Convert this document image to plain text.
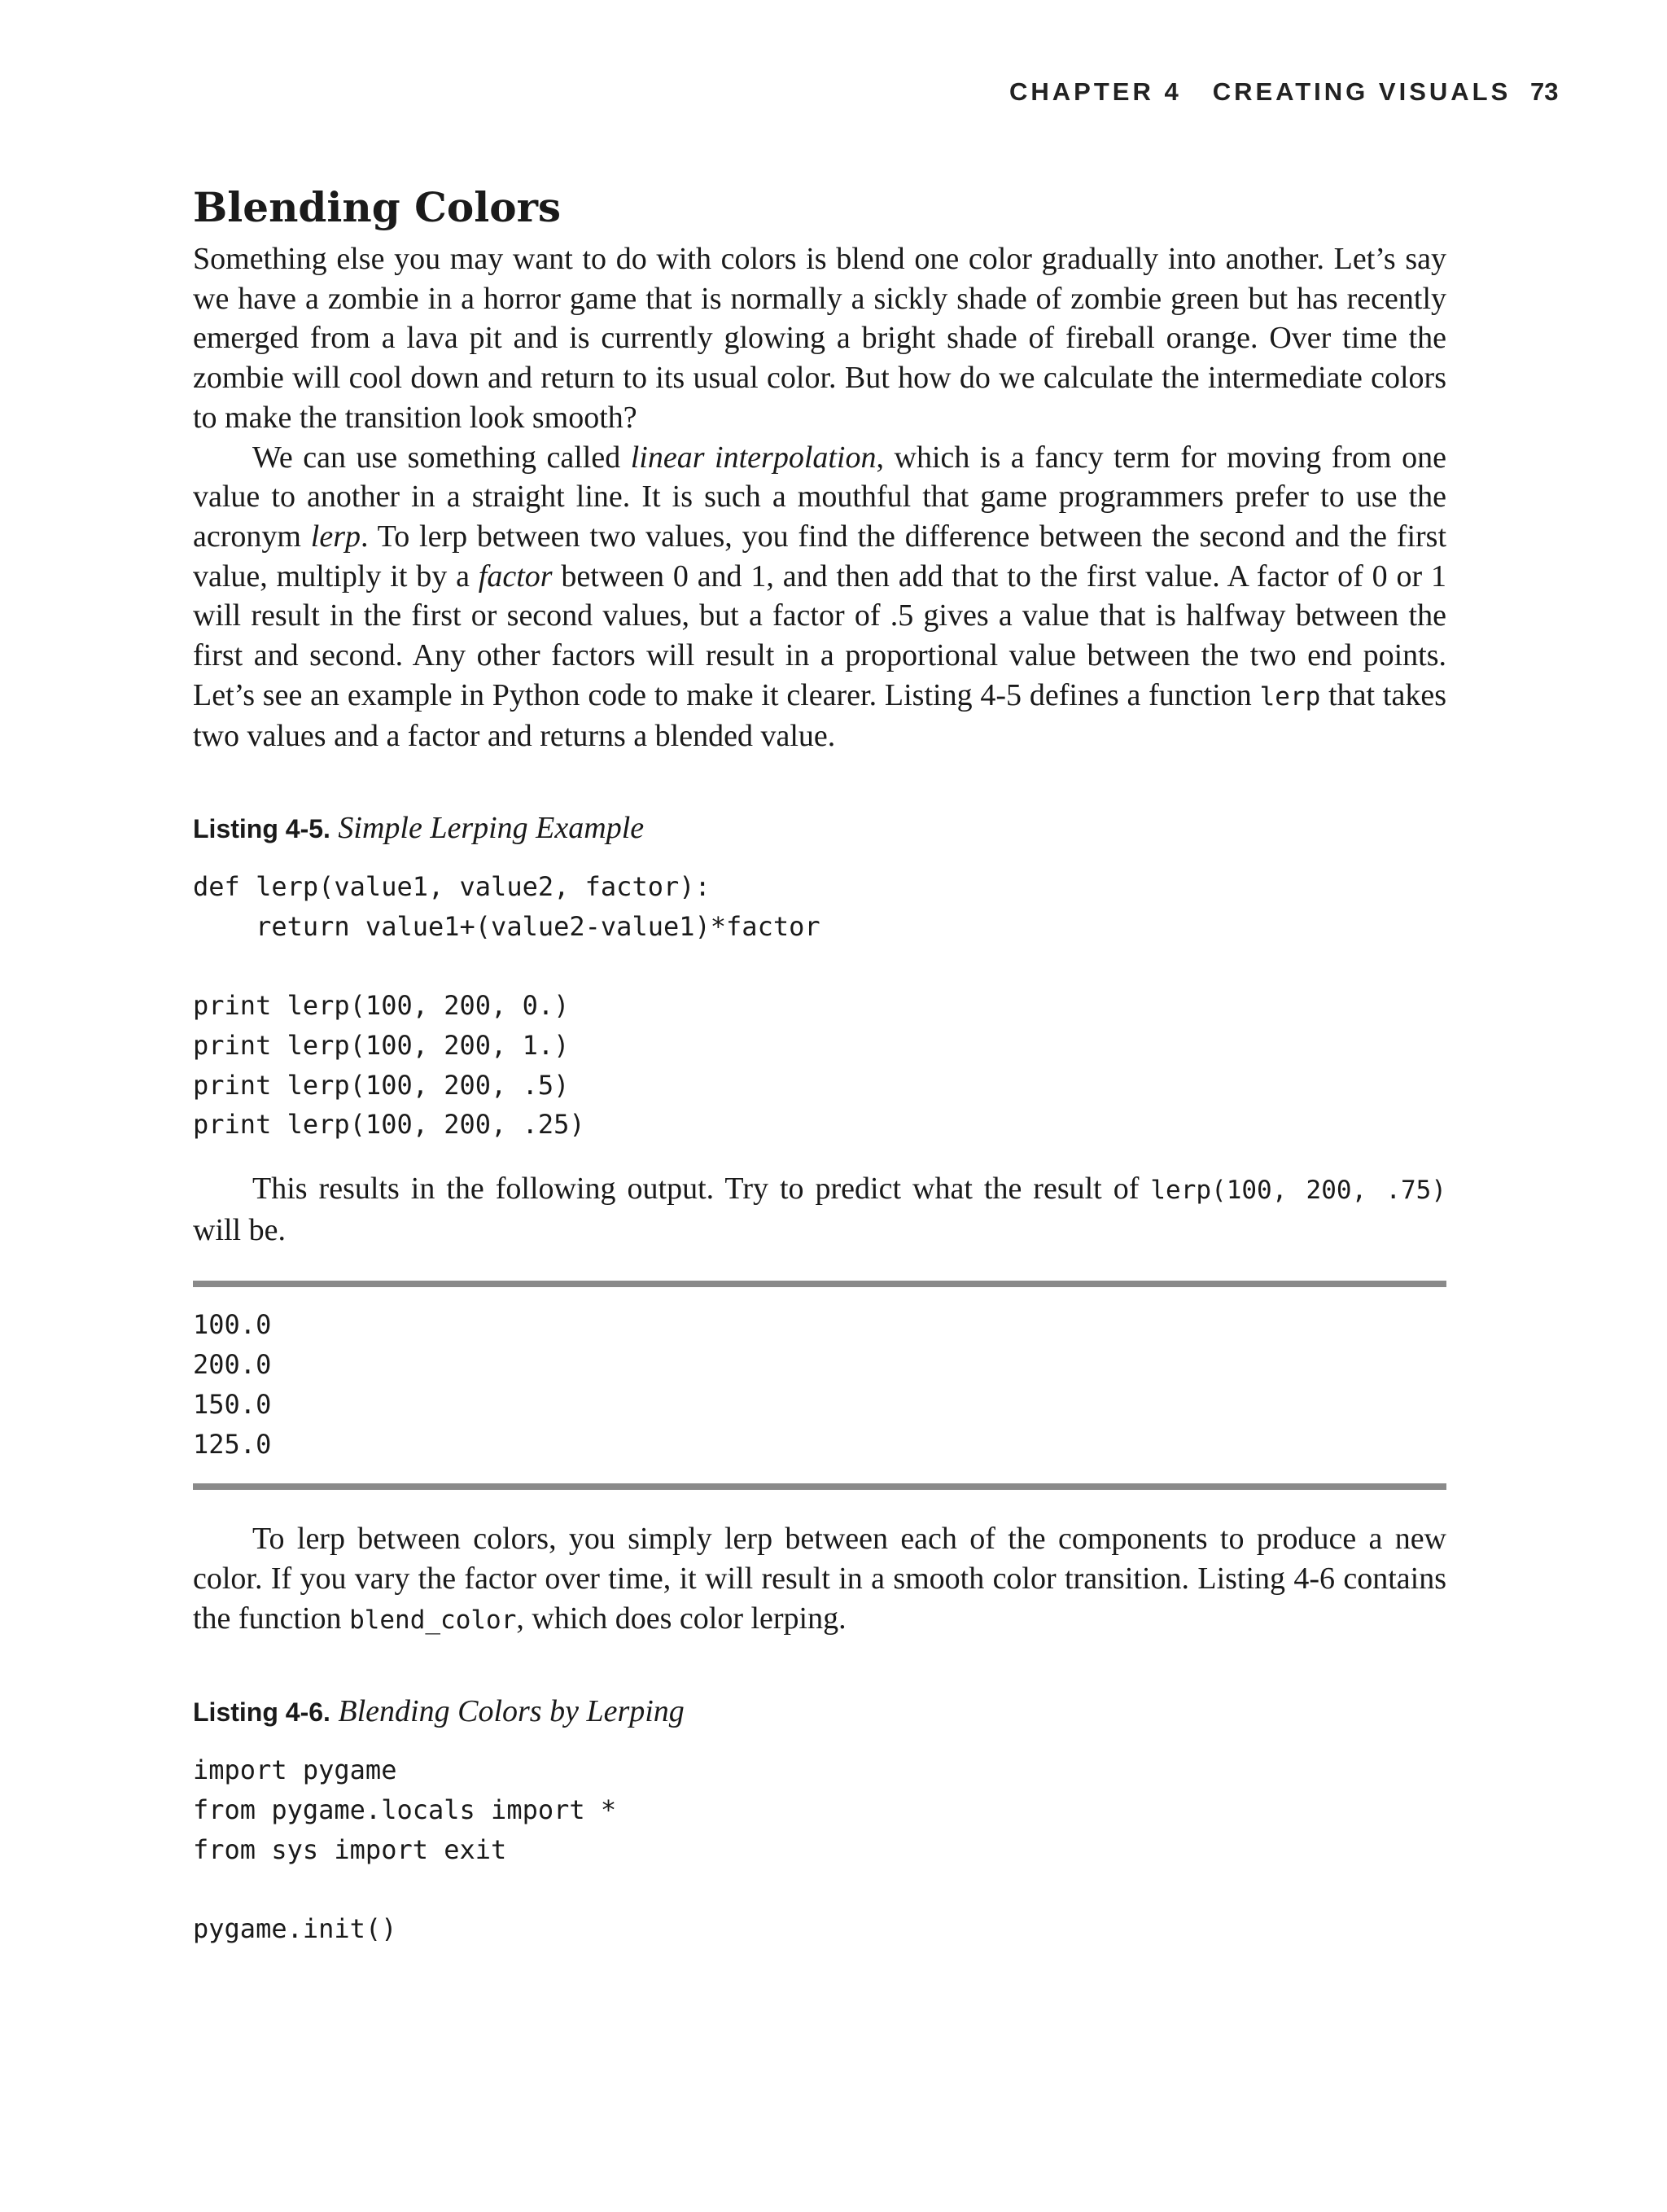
CHAPTER 4 CREATING VISUALS 73
Blending Colors

Something else you may want to do with colors is blend one color gradually into another. Let’s say we have a zombie in a horror game that is normally a sickly shade of zombie green but has recently emerged from a lava pit and is currently glowing a bright shade of fireball orange. Over time the zombie will cool down and return to its usual color. But how do we calculate the intermediate colors to make the transition look smooth?

We can use something called linear interpolation, which is a fancy term for moving from one value to another in a straight line. It is such a mouthful that game programmers prefer to use the acronym lerp. To lerp between two values, you find the difference between the second and the first value, multiply it by a factor between 0 and 1, and then add that to the first value. A factor of 0 or 1 will result in the first or second values, but a factor of .5 gives a value that is halfway between the first and second. Any other factors will result in a proportional value between the two end points. Let’s see an example in Python code to make it clearer. Listing 4-5 defines a function lerp that takes two values and a factor and returns a blended value.

Listing 4-5. Simple Lerping Example
def lerp(value1, value2, factor):
return value1+(value2-value1)*factor

print lerp(100, 200, 0.)
print lerp(100, 200, 1.)
print lerp(100, 200, .5)
print lerp(100, 200, .25)

This results in the following output. Try to predict what the result of lerp(100, 200, .75) will be.

100.0
200.0
150.0
125.0

To lerp between colors, you simply lerp between each of the components to produce a new color. If you vary the factor over time, it will result in a smooth color transition. Listing 4-6 contains the function blend_color, which does color lerping.

Listing 4-6. Blending Colors by Lerping
import pygame
from pygame.locals import *
from sys import exit

pygame.init()
